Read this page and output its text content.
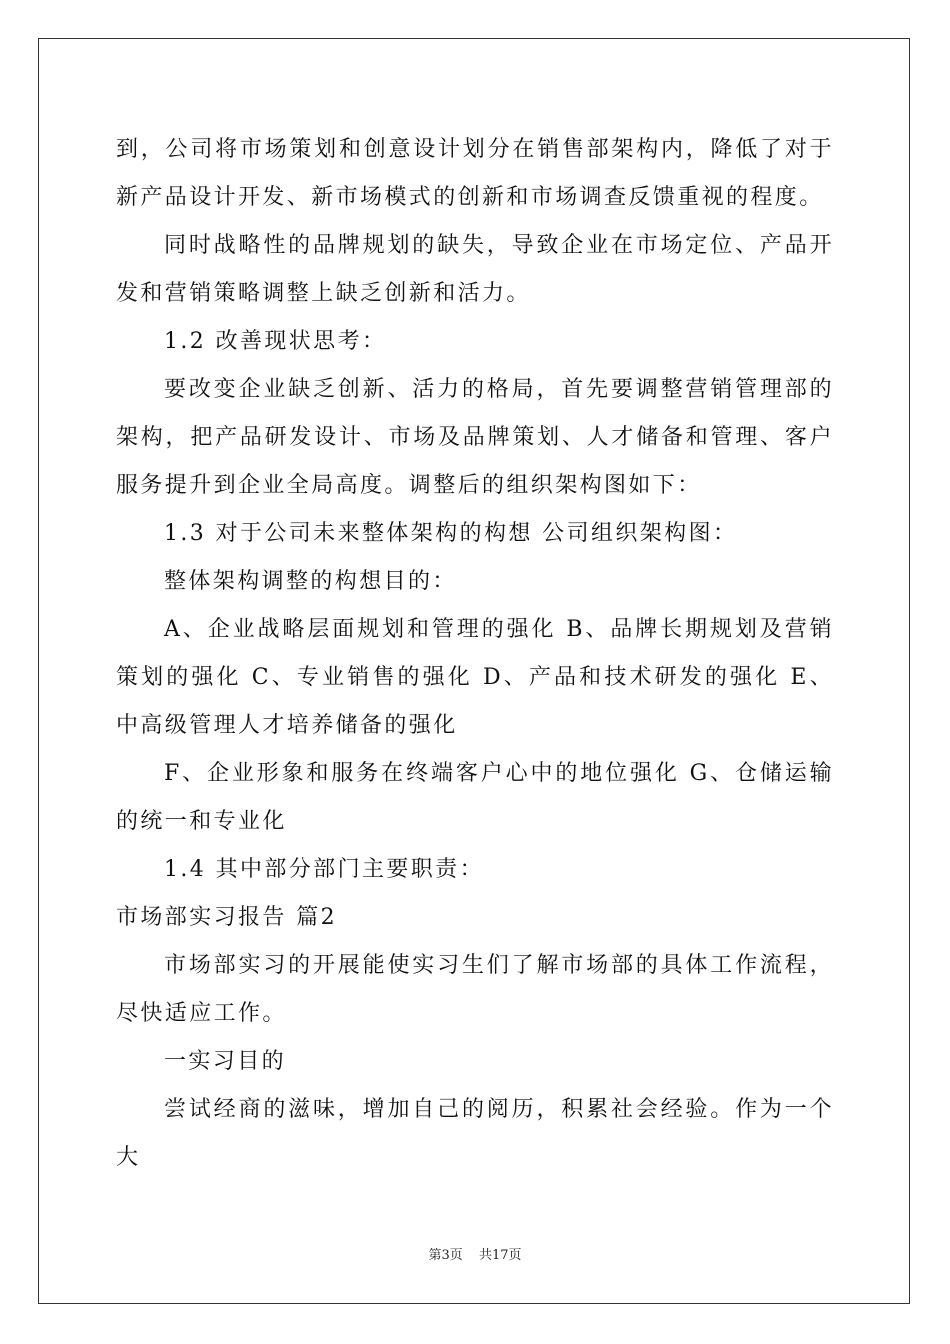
到，公司将市场策划和创意设计划分在销售部架构内，降低了对于新产品设计开发、新市场模式的创新和市场调查反馈重视的程度。

同时战略性的品牌规划的缺失，导致企业在市场定位、产品开发和营销策略调整上缺乏创新和活力。

1.2 改善现状思考：

要改变企业缺乏创新、活力的格局，首先要调整营销管理部的架构，把产品研发设计、市场及品牌策划、人才储备和管理、客户服务提升到企业全局高度。调整后的组织架构图如下：

1.3 对于公司未来整体架构的构想 公司组织架构图：

整体架构调整的构想目的：

A、企业战略层面规划和管理的强化 B、品牌长期规划及营销策划的强化 C、专业销售的强化 D、产品和技术研发的强化 E、中高级管理人才培养储备的强化

F、企业形象和服务在终端客户心中的地位强化 G、仓储运输的统一和专业化

1.4 其中部分部门主要职责：

市场部实习报告 篇2

市场部实习的开展能使实习生们了解市场部的具体工作流程，尽快适应工作。

一实习目的

尝试经商的滋味，增加自己的阅历，积累社会经验。作为一个大

第3页 共17页
